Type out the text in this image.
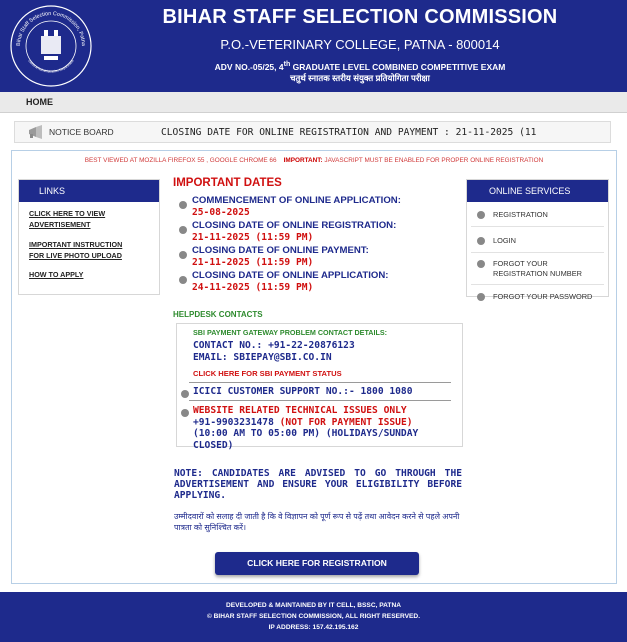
Bihar Staff Selection Commission, Patna
General Administration Department
BIHAR STAFF SELECTION COMMISSION
P.O.-VETERINARY COLLEGE, PATNA - 800014
ADV NO.-05/25, 4th GRADUATE LEVEL COMBINED COMPETITIVE EXAM
चतुर्थ स्नातक स्तरीय संयुक्त प्रतियोगिता परीक्षा
HOME
NOTICE BOARD	CLOSING DATE FOR ONLINE REGISTRATION AND PAYMENT : 21-11-2025 (11
BEST VIEWED AT MOZILLA FIREFOX 55 , GOOGLE CHROME 66 IMPORTANT: JAVASCRIPT MUST BE ENABLED FOR PROPER ONLINE REGISTRATION
LINKS
CLICK HERE TO VIEW
ADVERTISEMENT
IMPORTANT INSTRUCTION
FOR LIVE PHOTO UPLOAD
HOW TO APPLY
IMPORTANT DATES
COMMENCEMENT OF ONLINE APPLICATION:
25-08-2025
CLOSING DATE OF ONLINE REGISTRATION:
21-11-2025 (11:59 PM)
CLOSING DATE OF ONLINE PAYMENT:
21-11-2025 (11:59 PM)
CLOSING DATE OF ONLINE APPLICATION:
24-11-2025 (11:59 PM)
HELPDESK CONTACTS
SBI PAYMENT GATEWAY PROBLEM CONTACT DETAILS:
CONTACT NO.: +91-22-20876123
EMAIL: SBIEPAY@SBI.CO.IN
CLICK HERE FOR SBI PAYMENT STATUS
ICICI CUSTOMER SUPPORT NO.:- 1800 1080
WEBSITE RELATED TECHNICAL ISSUES ONLY
+91-9903231478 (NOT FOR PAYMENT ISSUE)
(10:00 AM TO 05:00 PM) (HOLIDAYS/SUNDAY CLOSED)
NOTE: CANDIDATES ARE ADVISED TO GO THROUGH THE ADVERTISEMENT AND ENSURE YOUR ELIGIBILITY BEFORE APPLYING.
उम्मीदवारों को सलाह दी जाती है कि वे विज्ञापन को पूर्ण रूप से पढ़ें तथा आवेदन करने से पहले अपनी पात्रता को सुनिश्चित करें।
CLICK HERE FOR REGISTRATION
ONLINE SERVICES
REGISTRATION
LOGIN
FORGOT YOUR
REGISTRATION NUMBER
FORGOT YOUR PASSWORD
DEVELOPED & MAINTAINED BY IT CELL, BSSC, PATNA
© BIHAR STAFF SELECTION COMMISSION, ALL RIGHT RESERVED.
IP ADDRESS: 157.42.195.162
